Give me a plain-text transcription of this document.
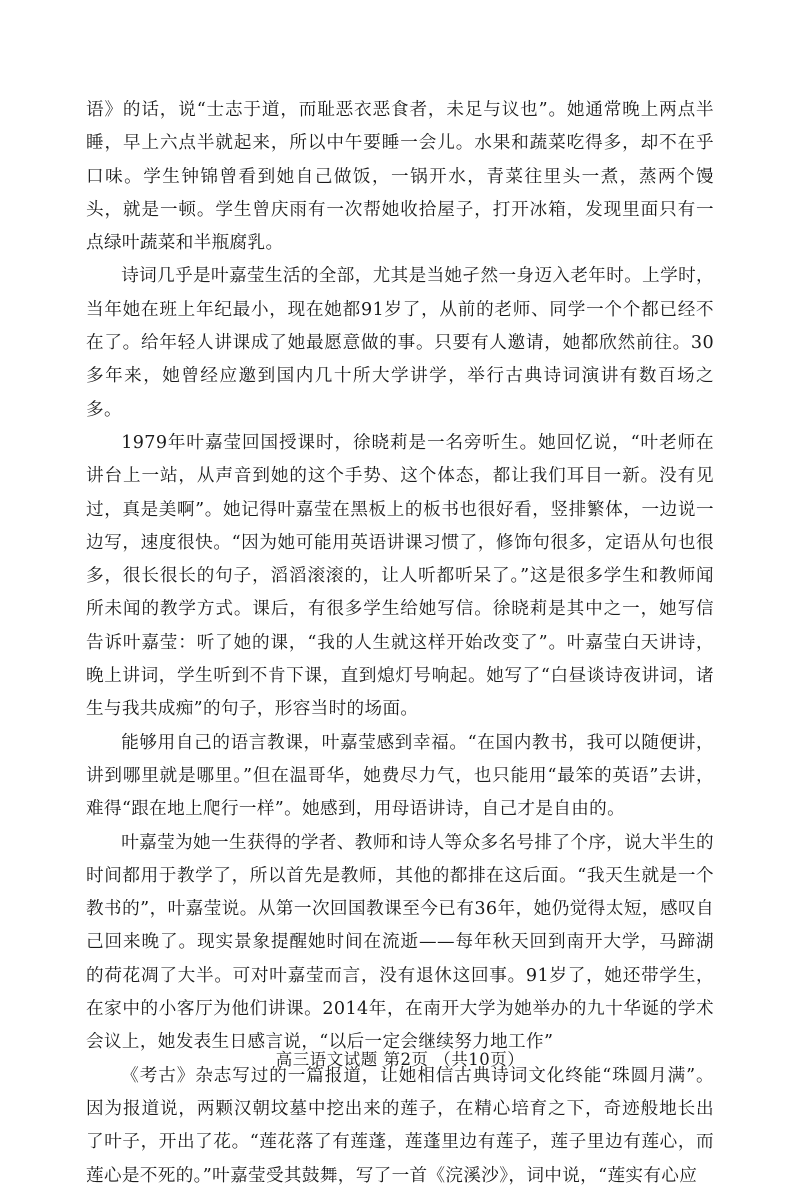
语》的话，说“士志于道，而耻恶衣恶食者，未足与议也”。她通常晚上两点半睡，早上六点半就起来，所以中午要睡一会儿。水果和蔬菜吃得多，却不在乎口味。学生钟锦曾看到她自己做饭，一锅开水，青菜往里头一煮，蒸两个馒头，就是一顿。学生曾庆雨有一次帮她收拾屋子，打开冰箱，发现里面只有一点绿叶蔬菜和半瓶腐乳。

诗词几乎是叶嘉莹生活的全部，尤其是当她孑然一身迈入老年时。上学时，当年她在班上年纪最小，现在她都91岁了，从前的老师、同学一个个都已经不在了。给年轻人讲课成了她最愿意做的事。只要有人邀请，她都欣然前往。30多年来，她曾经应邀到国内几十所大学讲学，举行古典诗词演讲有数百场之多。

1979年叶嘉莹回国授课时，徐晓莉是一名旁听生。她回忆说，“叶老师在讲台上一站，从声音到她的这个手势、这个体态，都让我们耳目一新。没有见过，真是美啊”。她记得叶嘉莹在黑板上的板书也很好看，竖排繁体，一边说一边写，速度很快。“因为她可能用英语讲课习惯了，修饰句很多，定语从句也很多，很长很长的句子，滔滔滚滚的，让人听都听呆了。”这是很多学生和教师闻所未闻的教学方式。课后，有很多学生给她写信。徐晓莉是其中之一，她写信告诉叶嘉莹：听了她的课，“我的人生就这样开始改变了”。叶嘉莹白天讲诗，晚上讲词，学生听到不肯下课，直到熄灯号响起。她写了“白昼谈诗夜讲词，诸生与我共成痴”的句子，形容当时的场面。

能够用自己的语言教课，叶嘉莹感到幸福。“在国内教书，我可以随便讲，讲到哪里就是哪里。”但在温哥华，她费尽力气，也只能用“最笨的英语”去讲，难得“跟在地上爬行一样”。她感到，用母语讲诗，自己才是自由的。

叶嘉莹为她一生获得的学者、教师和诗人等众多名号排了个序，说大半生的时间都用于教学了，所以首先是教师，其他的都排在这后面。“我天生就是一个教书的”，叶嘉莹说。从第一次回国教课至今已有36年，她仍觉得太短，感叹自己回来晚了。现实景象提醒她时间在流逝——每年秋天回到南开大学，马蹄湖的荷花凋了大半。可对叶嘉莹而言，没有退休这回事。91岁了，她还带学生，在家中的小客厅为他们讲课。2014年，在南开大学为她举办的九十华诞的学术会议上，她发表生日感言说，“以后一定会继续努力地工作”

《考古》杂志写过的一篇报道，让她相信古典诗词文化终能“珠圆月满”。因为报道说，两颗汉朝坟墓中挖出来的莲子，在精心培育之下，奇迹般地长出了叶子，开出了花。“莲花落了有莲蓬，莲蓬里边有莲子，莲子里边有莲心，而莲心是不死的。”叶嘉莹受其鼓舞，写了一首《浣溪沙》，词中说，“莲实有心应

高三语文试题 第2页 （共10页）
